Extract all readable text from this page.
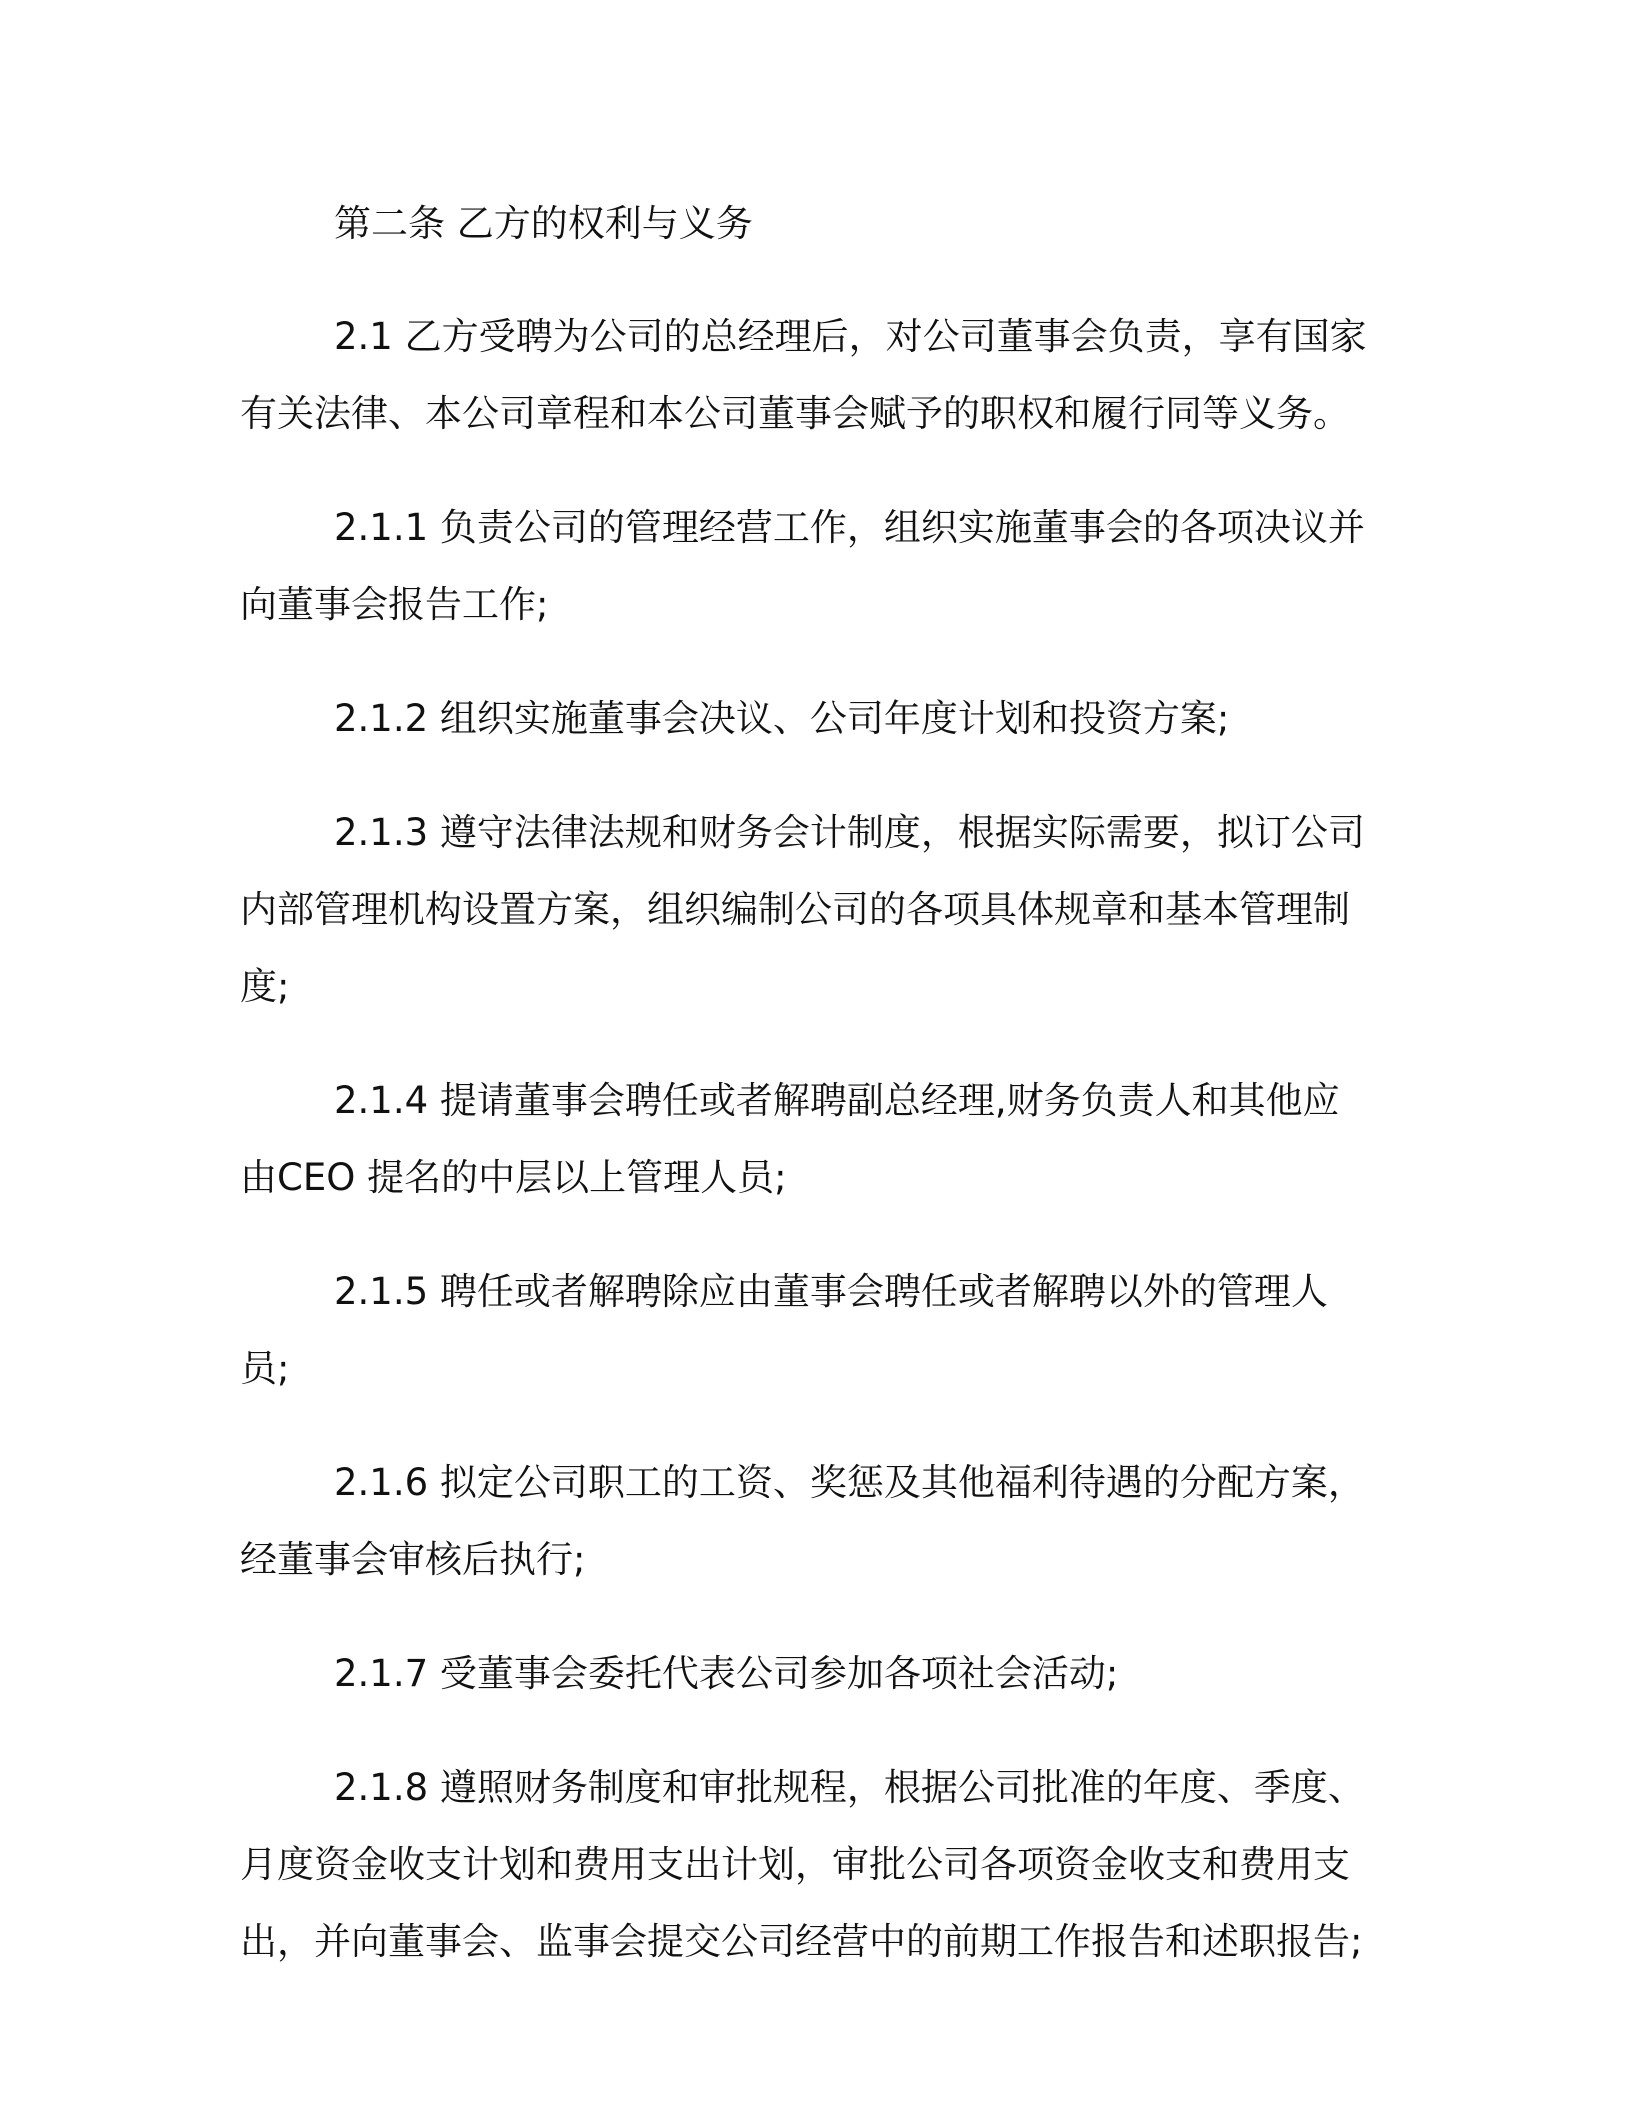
第二条 乙方的权利与义务

2.1 乙方受聘为公司的总经理后，对公司董事会负责，享有国家有关法律、本公司章程和本公司董事会赋予的职权和履行同等义务。

2.1.1 负责公司的管理经营工作，组织实施董事会的各项决议并向董事会报告工作;

2.1.2 组织实施董事会决议、公司年度计划和投资方案;

2.1.3 遵守法律法规和财务会计制度，根据实际需要，拟订公司内部管理机构设置方案，组织编制公司的各项具体规章和基本管理制度;

2.1.4 提请董事会聘任或者解聘副总经理,财务负责人和其他应由CEO 提名的中层以上管理人员;

2.1.5 聘任或者解聘除应由董事会聘任或者解聘以外的管理人员;

2.1.6 拟定公司职工的工资、奖惩及其他福利待遇的分配方案，经董事会审核后执行;

2.1.7 受董事会委托代表公司参加各项社会活动;

2.1.8 遵照财务制度和审批规程，根据公司批准的年度、季度、月度资金收支计划和费用支出计划，审批公司各项资金收支和费用支出，并向董事会、监事会提交公司经营中的前期工作报告和述职报告;
